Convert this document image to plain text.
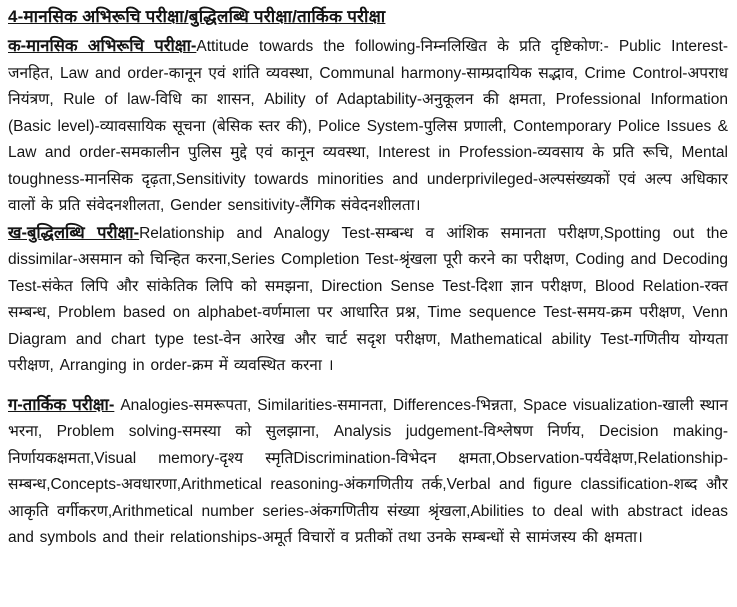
4-मानसिक अभिरूचि परीक्षा/बुद्धिलब्धि परीक्षा/तार्किक परीक्षा

क-मानसिक अभिरूचि परीक्षा-Attitude towards the following-निम्नलिखित के प्रति दृष्टिकोण:- Public Interest-जनहित, Law and order-कानून एवं शांति व्यवस्था, Communal harmony-साम्प्रदायिक सद्भाव, Crime Control-अपराध नियंत्रण, Rule of law-विधि का शासन, Ability of Adaptability-अनुकूलन की क्षमता, Professional Information (Basic level)-व्यावसायिक सूचना (बेसिक स्तर की), Police System-पुलिस प्रणाली, Contemporary Police Issues & Law and order-समकालीन पुलिस मुद्दे एवं कानून व्यवस्था, Interest in Profession-व्यवसाय के प्रति रूचि, Mental toughness-मानसिक दृढ़ता,Sensitivity towards minorities and underprivileged-अल्पसंख्यकों एवं अल्प अधिकार वालों के प्रति संवेदनशीलता, Gender sensitivity-लैंगिक संवेदनशीलता।

ख-बुद्धिलब्धि परीक्षा-Relationship and Analogy Test-सम्बन्ध व आंशिक समानता परीक्षण,Spotting out the dissimilar-असमान को चिन्हित करना,Series Completion Test-श्रृंखला पूरी करने का परीक्षण, Coding and Decoding Test-संकेत लिपि और सांकेतिक लिपि को समझना, Direction Sense Test-दिशा ज्ञान परीक्षण, Blood Relation-रक्त सम्बन्ध, Problem based on alphabet-वर्णमाला पर आधारित प्रश्न, Time sequence Test-समय-क्रम परीक्षण, Venn Diagram and chart type test-वेन आरेख और चार्ट सदृश परीक्षण, Mathematical ability Test-गणितीय योग्यता परीक्षण, Arranging in order-क्रम में व्यवस्थित करना ।

ग-तार्किक परीक्षा- Analogies-समरूपता, Similarities-समानता, Differences-भिन्नता, Space visualization-खाली स्थान भरना, Problem solving-समस्या को सुलझाना, Analysis judgement-विश्लेषण निर्णय, Decision making-निर्णायकक्षमता,Visual memory-दृश्य स्मृतिDiscrimination-विभेदन क्षमता,Observation-पर्यवेक्षण,Relationship-सम्बन्ध,Concepts-अवधारणा,Arithmetical reasoning-अंकगणितीय तर्क,Verbal and figure classification-शब्द और आकृति वर्गीकरण,Arithmetical number series-अंकगणितीय संख्या श्रृंखला,Abilities to deal with abstract ideas and symbols and their relationships-अमूर्त विचारों व प्रतीकों तथा उनके सम्बन्धों से सामंजस्य की क्षमता।
